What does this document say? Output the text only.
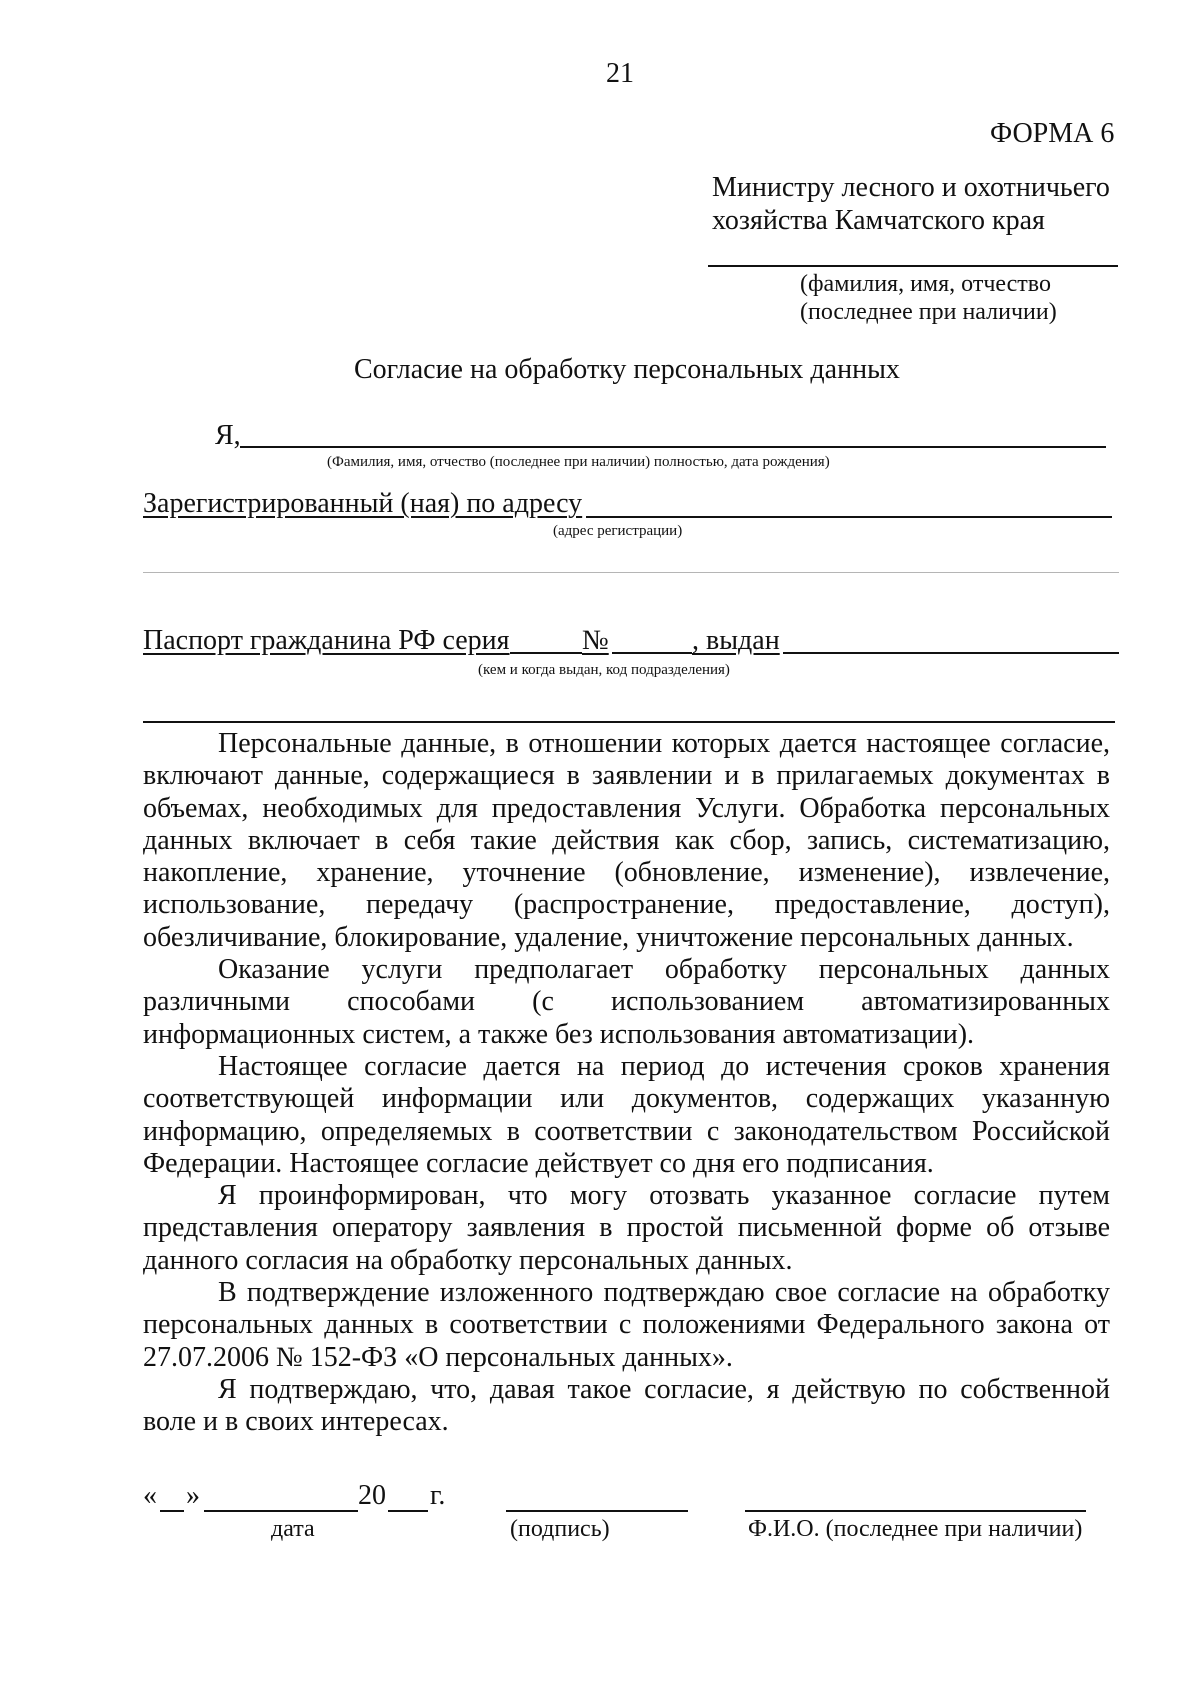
21
ФОРМА 6
Министру лесного и охотничьего
хозяйства Камчатского края
(фамилия, имя, отчество
(последнее при наличии)
Согласие на обработку персональных данных
Я,
(Фамилия, имя, отчество (последнее при наличии) полностью, дата рождения)
Зарегистрированный (ная) по адресу
(адрес регистрации)
Паспорт гражданина РФ серия	№	, выдан
(кем и когда выдан, код подразделения)

Персональные данные, в отношении которых дается настоящее согласие, включают данные, содержащиеся в заявлении и в прилагаемых документах в объемах, необходимых для предоставления Услуги. Обработка персональных данных включает в себя такие действия как сбор, запись, систематизацию, накопление, хранение, уточнение (обновление, изменение), извлечение, использование, передачу (распространение, предоставление, доступ), обезличивание, блокирование, удаление, уничтожение персональных данных.

Оказание услуги предполагает обработку персональных данных различными способами (с использованием автоматизированных информационных систем, а также без использования автоматизации).

Настоящее согласие дается на период до истечения сроков хранения соответствующей информации или документов, содержащих указанную информацию, определяемых в соответствии с законодательством Российской Федерации. Настоящее согласие действует со дня его подписания.

Я проинформирован, что могу отозвать указанное согласие путем представления оператору заявления в простой письменной форме об отзыве данного согласия на обработку персональных данных.

В подтверждение изложенного подтверждаю свое согласие на обработку персональных данных в соответствии с положениями Федерального закона от 27.07.2006 № 152-ФЗ «О персональных данных».

Я подтверждаю, что, давая такое согласие, я действую по собственной воле и в своих интересах.

« »	20 г.
дата	(подпись)	Ф.И.О. (последнее при наличии)
